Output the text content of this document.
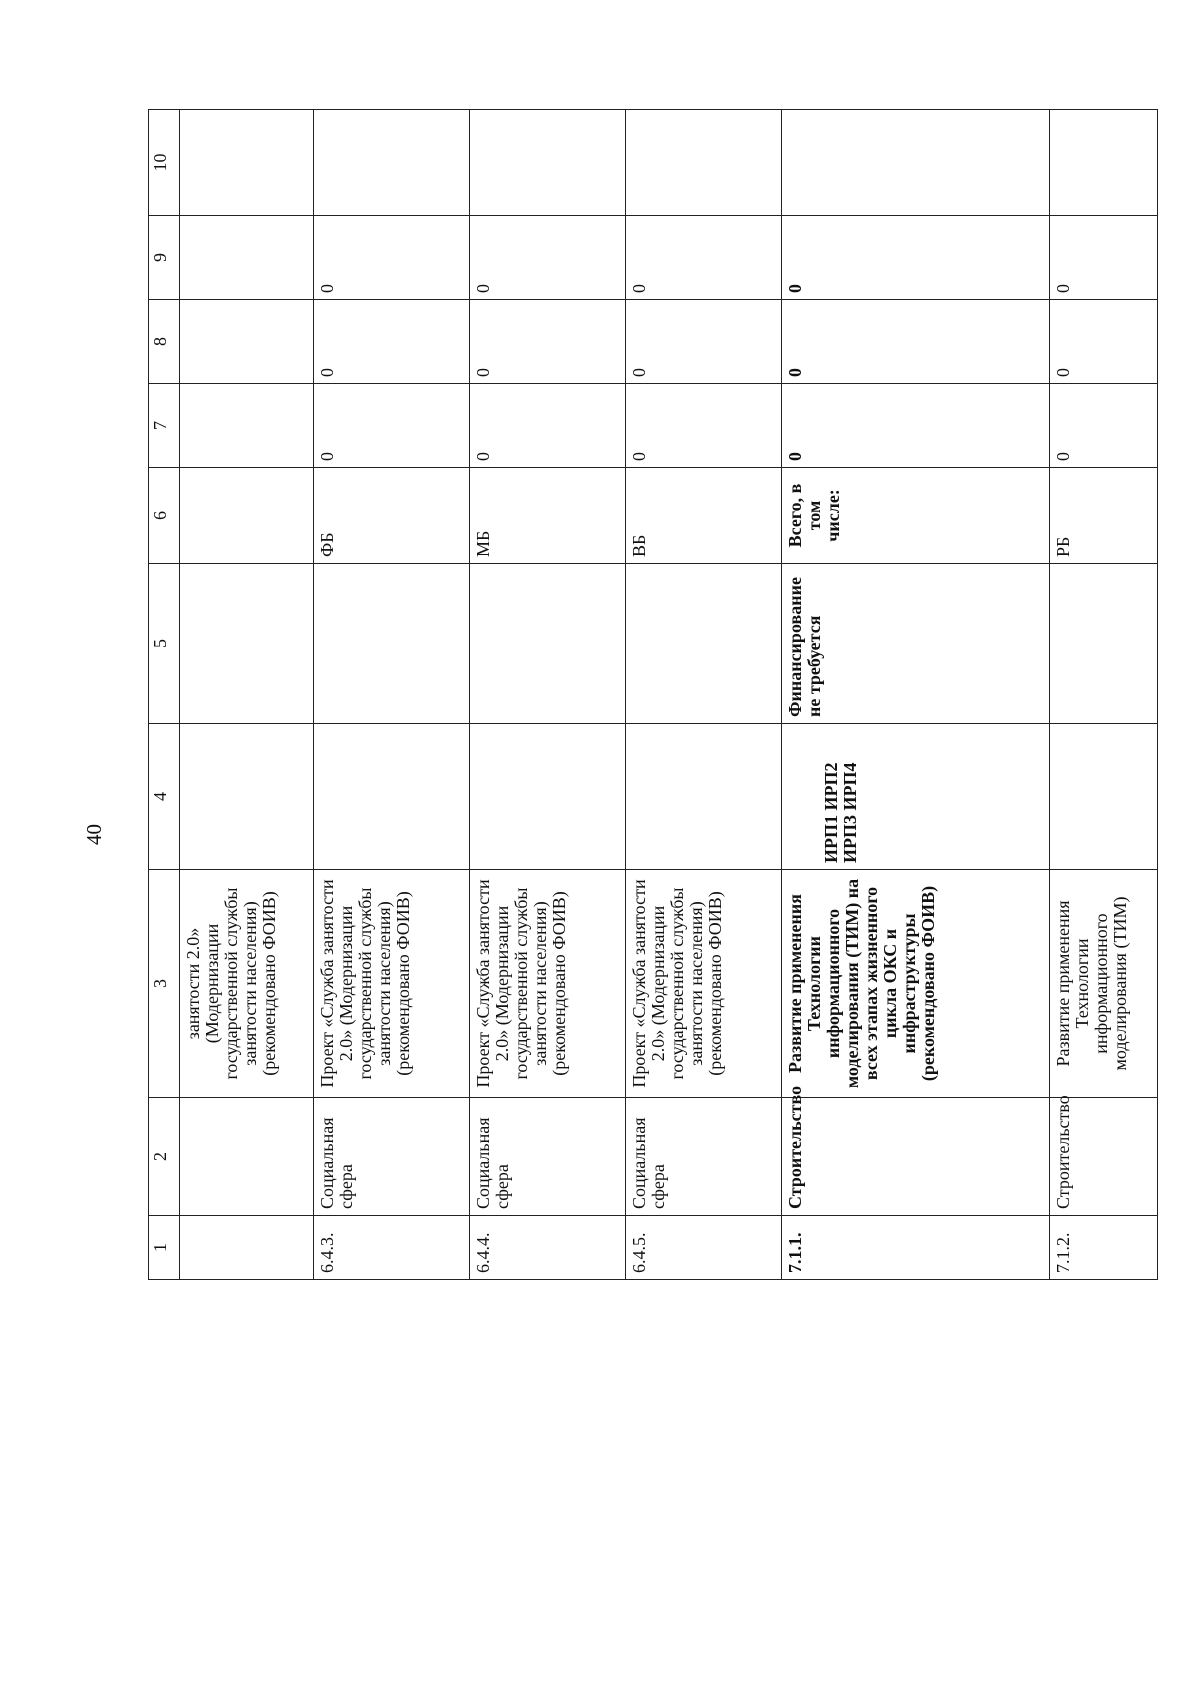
40
1	2	3	4	5	6	7	8	9	10
		занятости 2.0» (Модернизации государственной службы занятости населения) (рекомендовано ФОИВ)							
6.4.3.	Социальная сфера	Проект «Служба занятости 2.0» (Модернизации государственной службы занятости населения) (рекомендовано ФОИВ)			ФБ	0	0	0	
6.4.4.	Социальная сфера	Проект «Служба занятости 2.0» (Модернизации государственной службы занятости населения) (рекомендовано ФОИВ)			МБ	0	0	0	
6.4.5.	Социальная сфера	Проект «Служба занятости 2.0» (Модернизации государственной службы занятости населения) (рекомендовано ФОИВ)			ВБ	0	0	0	
7.1.1.	Строительство	Развитие применения Технологии информационного моделирования (ТИМ) на всех этапах жизненного цикла ОКС и инфраструктуры (рекомендовано ФОИВ)	ИРП1 ИРП2 ИРП3 ИРП4	Финансирование не требуется	Всего, в том числе:	0	0	0	
7.1.2.	Строительство	Развитие применения Технологии информационного моделирования (ТИМ)			РБ	0	0	0	
